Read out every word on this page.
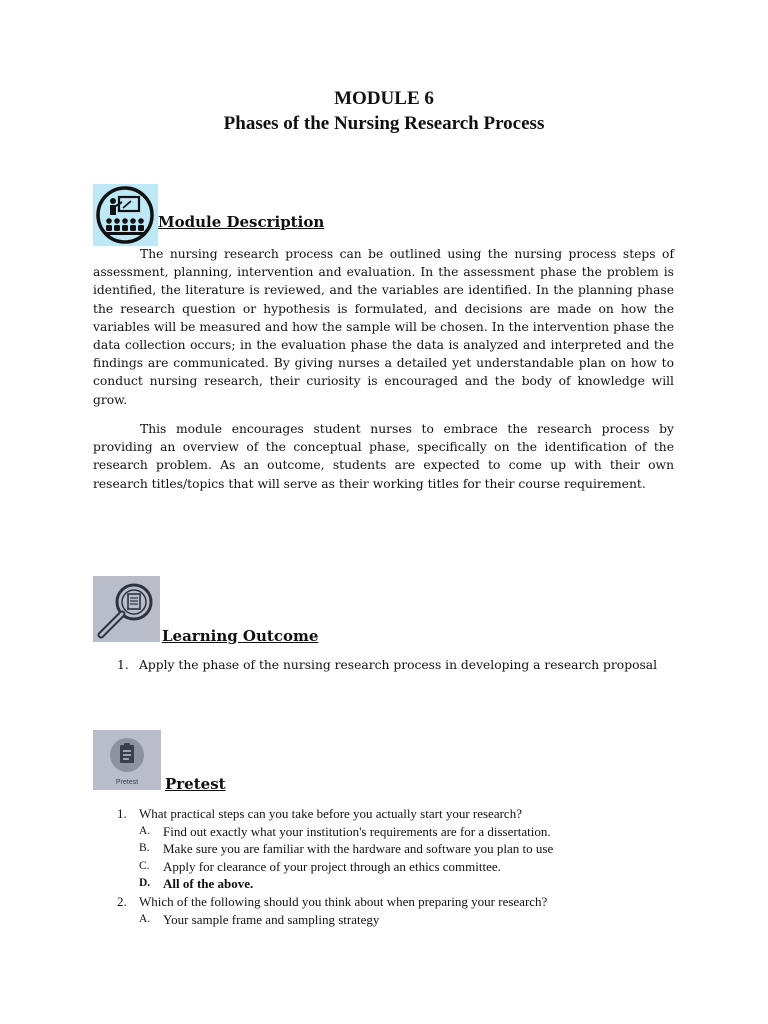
MODULE 6
Phases of the Nursing Research Process
Module Description

The nursing research process can be outlined using the nursing process steps of assessment, planning, intervention and evaluation. In the assessment phase the problem is identified, the literature is reviewed, and the variables are identified. In the planning phase the research question or hypothesis is formulated, and decisions are made on how the variables will be measured and how the sample will be chosen. In the intervention phase the data collection occurs; in the evaluation phase the data is analyzed and interpreted and the findings are communicated. By giving nurses a detailed yet understandable plan on how to conduct nursing research, their curiosity is encouraged and the body of knowledge will grow.

This module encourages student nurses to embrace the research process by providing an overview of the conceptual phase, specifically on the identification of the research problem. As an outcome, students are expected to come up with their own research titles/topics that will serve as their working titles for their course requirement.

Learning Outcome
1. Apply the phase of the nursing research process in developing a research proposal
Pretest Pretest
1. What practical steps can you take before you actually start your research?
A. Find out exactly what your institution's requirements are for a dissertation.
B. Make sure you are familiar with the hardware and software you plan to use
C. Apply for clearance of your project through an ethics committee.
D. All of the above.
2. Which of the following should you think about when preparing your research?
A. Your sample frame and sampling strategy
